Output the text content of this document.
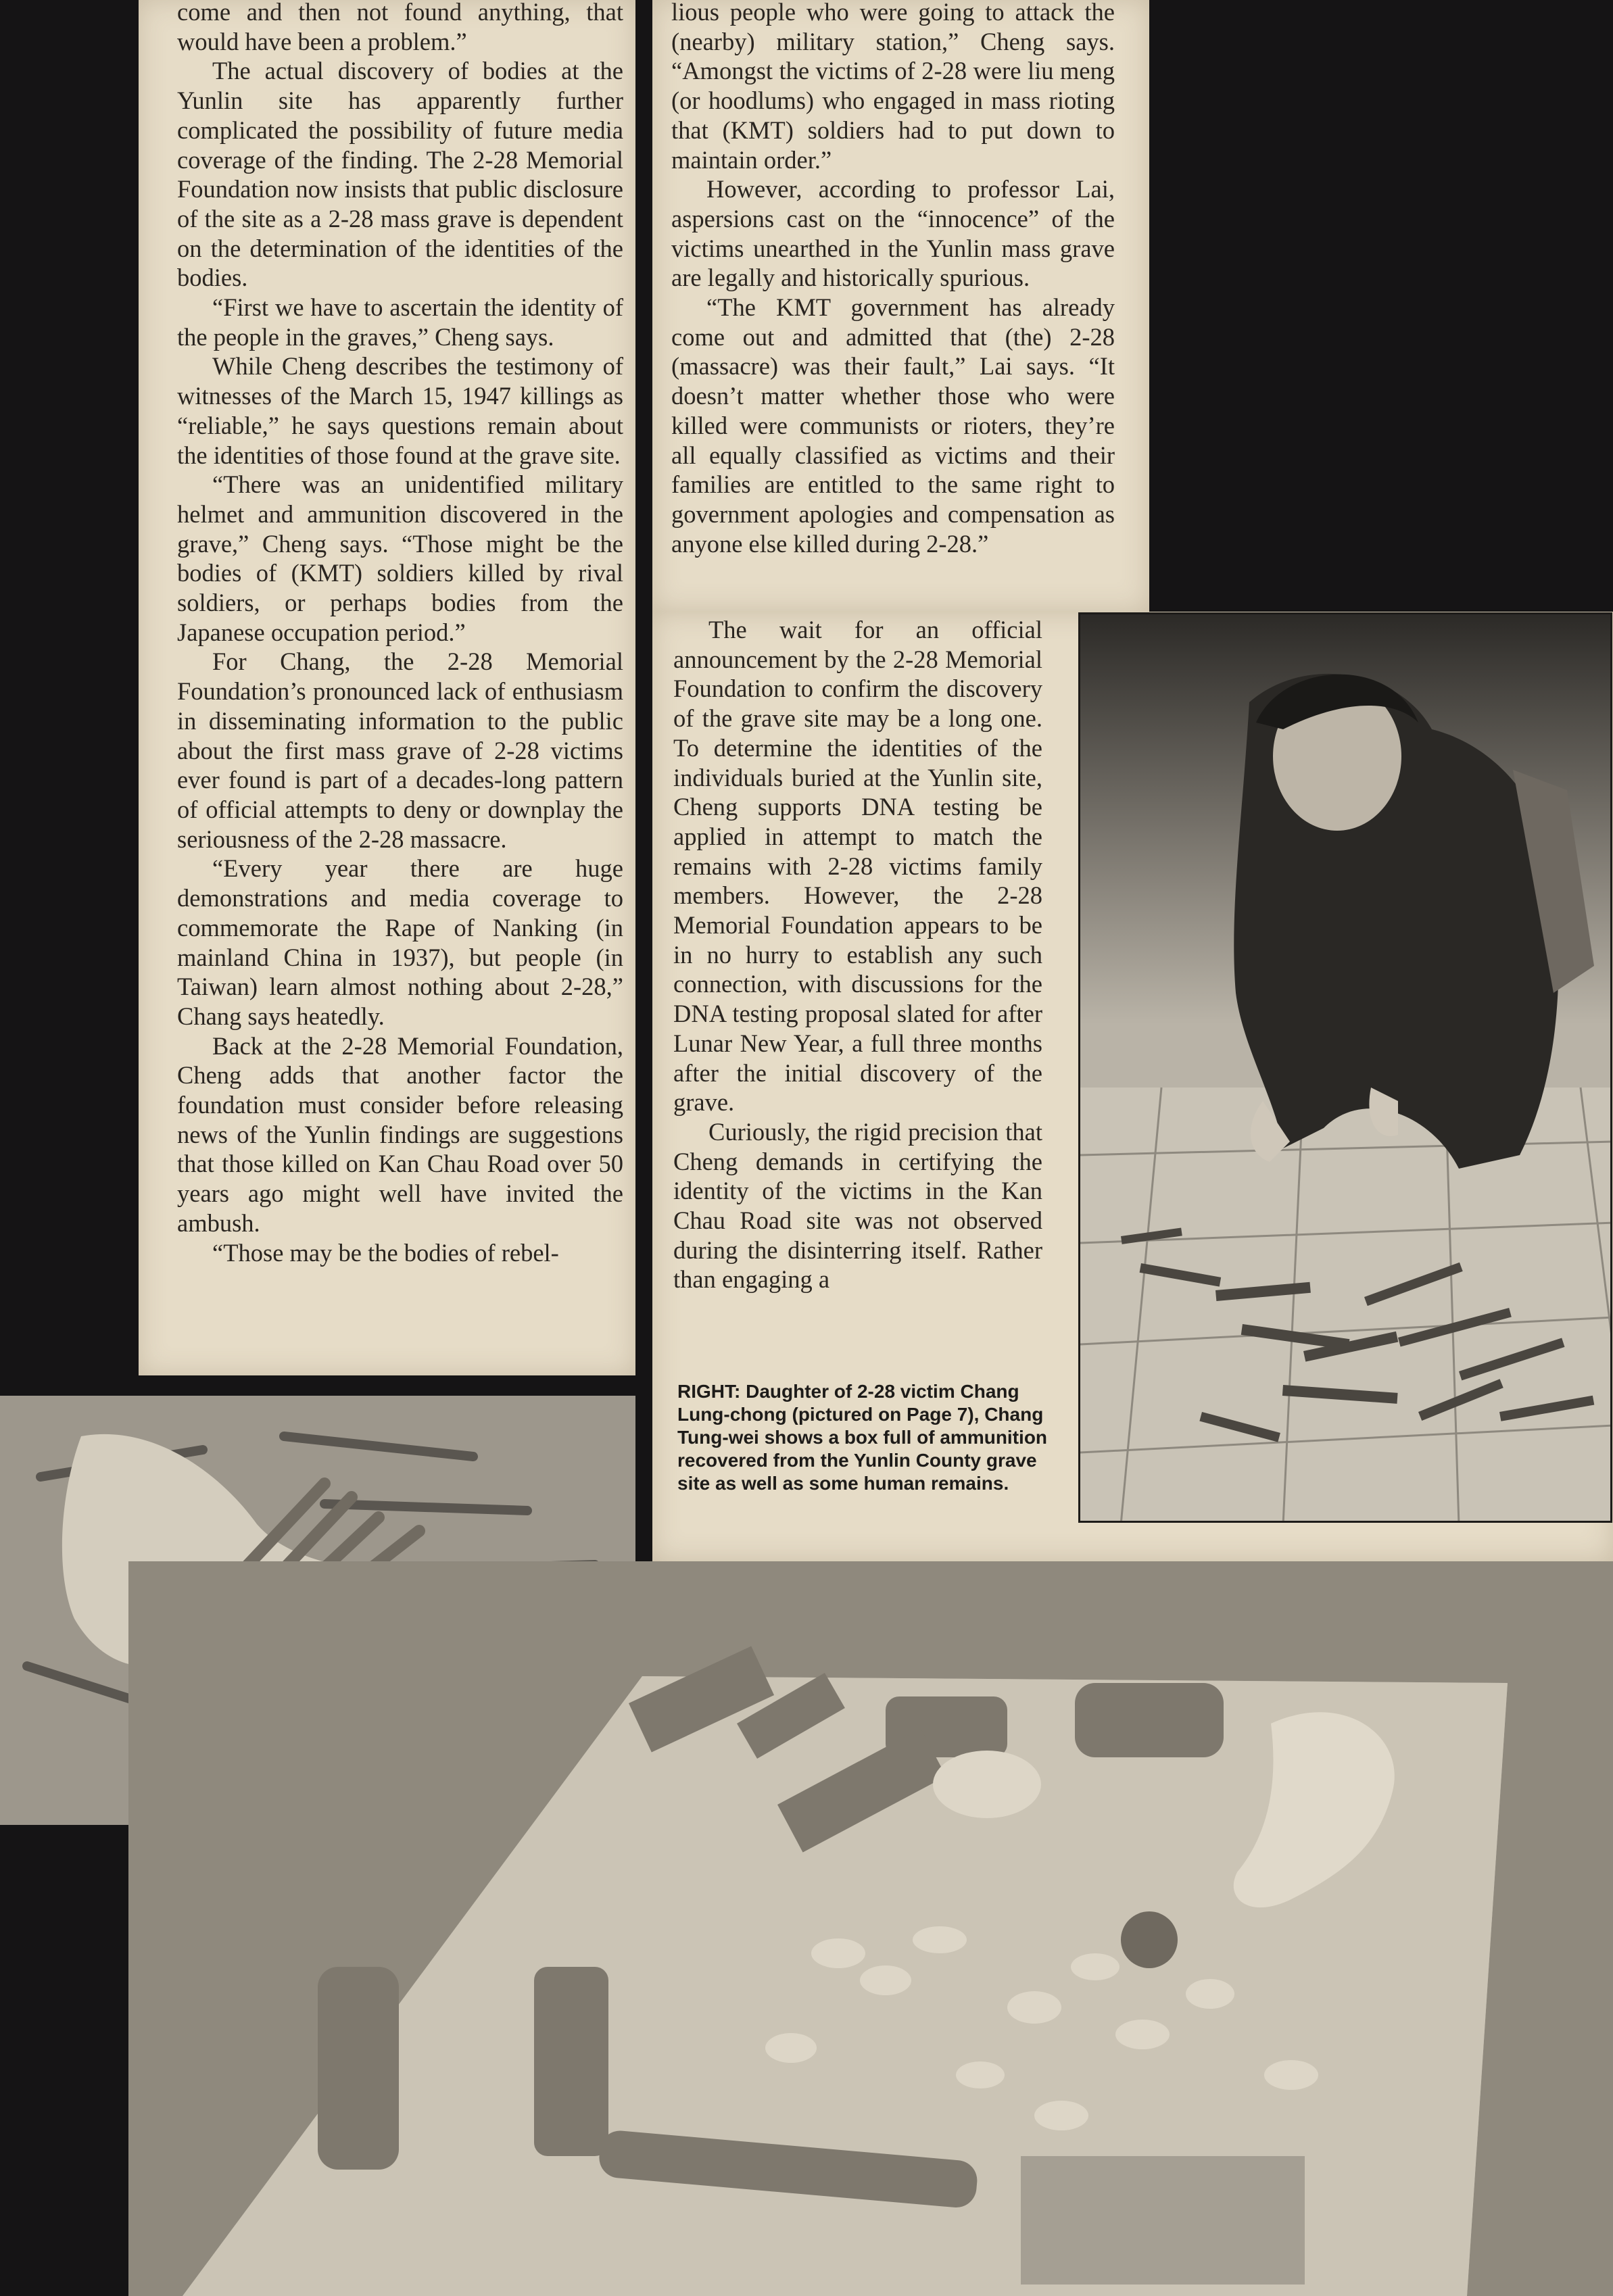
come and then not found anything, that would have been a problem.”

The actual discovery of bodies at the Yunlin site has apparently further complicated the possibility of future media coverage of the finding. The 2-28 Memorial Foundation now insists that public disclosure of the site as a 2-28 mass grave is dependent on the determination of the identities of the bodies.

“First we have to ascertain the identity of the people in the graves,” Cheng says.

While Cheng describes the testimony of witnesses of the March 15, 1947 killings as “reliable,” he says questions remain about the identities of those found at the grave site.

“There was an unidentified military helmet and ammunition discovered in the grave,” Cheng says. “Those might be the bodies of (KMT) soldiers killed by rival soldiers, or perhaps bodies from the Japanese occupation period.”

For Chang, the 2-28 Memorial Foundation’s pronounced lack of enthusiasm in disseminating information to the public about the first mass grave of 2-28 victims ever found is part of a decades-long pattern of official attempts to deny or downplay the seriousness of the 2-28 massacre.

“Every year there are huge demonstrations and media coverage to commemorate the Rape of Nanking (in mainland China in 1937), but people (in Taiwan) learn almost nothing about 2-28,” Chang says heatedly.

Back at the 2-28 Memorial Foundation, Cheng adds that another factor the foundation must consider before releasing news of the Yunlin findings are suggestions that those killed on Kan Chau Road over 50 years ago might well have invited the ambush.

“Those may be the bodies of rebel-

lious people who were going to attack the (nearby) military station,” Cheng says. “Amongst the victims of 2-28 were liu meng (or hoodlums) who engaged in mass rioting that (KMT) soldiers had to put down to maintain order.”

However, according to professor Lai, aspersions cast on the “innocence” of the victims unearthed in the Yunlin mass grave are legally and historically spurious.

“The KMT government has already come out and admitted that (the) 2-28 (massacre) was their fault,” Lai says. “It doesn’t matter whether those who were killed were communists or rioters, they’re all equally classified as victims and their families are entitled to the same right to government apologies and compensation as anyone else killed during 2-28.”

The wait for an official announcement by the 2-28 Memorial Foundation to confirm the discovery of the grave site may be a long one. To determine the identities of the individuals buried at the Yunlin site, Cheng supports DNA testing be applied in attempt to match the remains with 2-28 victims family members. However, the 2-28 Memorial Foundation appears to be in no hurry to establish any such connection, with discussions for the DNA testing proposal slated for after Lunar New Year, a full three months after the initial discovery of the grave.

Curiously, the rigid precision that Cheng demands in certifying the identity of the victims in the Kan Chau Road site was not observed during the disinterring itself. Rather than engaging a

RIGHT: Daughter of 2-28 victim Chang Lung-chong (pictured on Page 7), Chang Tung-wei shows a box full of ammunition recovered from the Yunlin County grave site as well as some human remains.
